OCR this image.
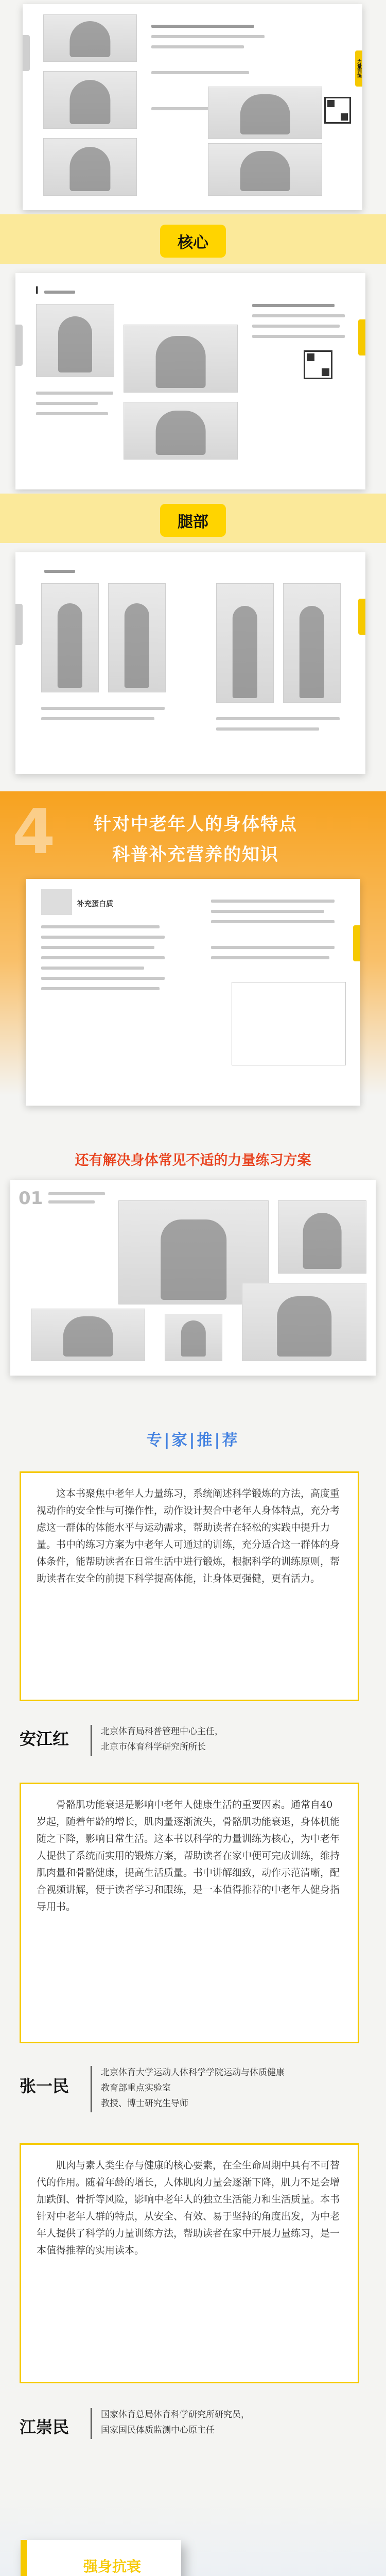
力量训练
核心
▍
腿部
4	针对中老年人的身体特点
科普补充营养的知识
补充蛋白质
还有解决身体常见不适的力量练习方案
01
专|家|推|荐

这本书聚焦中老年人力量练习，系统阐述科学锻炼的方法，高度重视动作的安全性与可操作性，动作设计契合中老年人身体特点，充分考虑这一群体的体能水平与运动需求，帮助读者在轻松的实践中提升力量。书中的练习方案为中老年人可通过的训练，充分适合这一群体的身体条件，能帮助读者在日常生活中进行锻炼，根据科学的训练原则，帮助读者在安全的前提下科学提高体能，让身体更强健，更有活力。

安江红	北京体育局科普管理中心主任，
北京市体育科学研究所所长

骨骼肌功能衰退是影响中老年人健康生活的重要因素。通常自40岁起，随着年龄的增长，肌肉量逐渐流失，骨骼肌功能衰退，身体机能随之下降，影响日常生活。这本书以科学的力量训练为核心，为中老年人提供了系统而实用的锻炼方案，帮助读者在家中便可完成训练，维持肌肉量和骨骼健康，提高生活质量。书中讲解细致，动作示范清晰，配合视频讲解，便于读者学习和跟练，是一本值得推荐的中老年人健身指导用书。

张一民
北京体育大学运动人体科学学院运动与体质健康
教育部重点实验室
教授、博士研究生导师

肌肉与素人类生存与健康的核心要素，在全生命周期中具有不可替代的作用。随着年龄的增长，人体肌肉力量会逐渐下降，肌力不足会增加跌倒、骨折等风险，影响中老年人的独立生活能力和生活质量。本书针对中老年人群的特点，从安全、有效、易于坚持的角度出发，为中老年人提供了科学的力量训练方法，帮助读者在家中开展力量练习，是一本值得推荐的实用读本。

江崇民
国家体育总局体育科学研究所研究员，
国家国民体质监测中心原主任
强身抗衰
